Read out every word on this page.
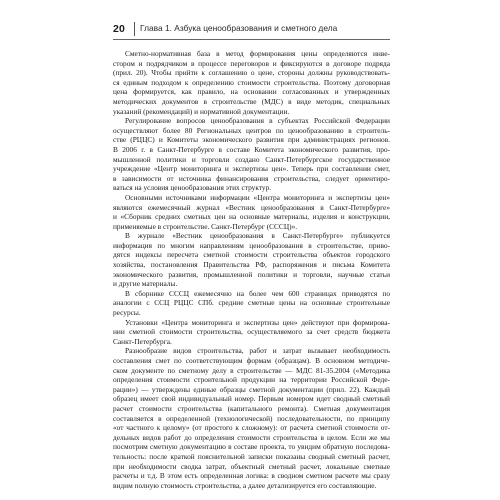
20 Глава 1. Азбука ценообразования и сметного дела
Сметно-нормативная база в метод формирования цены определяются инве-
стором и подрядчиком в процессе переговоров и фиксируются в договоре подряда
(прил. 20). Чтобы прийти к соглашению о цене, стороны должны руководствовать-
ся единым подходом к определению стоимости строительства. Поэтому договорная
цена формируется, как правило, на основании согласованных и утвержденных
методических документов в строительстве (МДС) в виде методик, специальных
указаний (рекомендаций) и нормативной документации.
Регулирование вопросов ценообразования в субъектах Российской Федерации
осуществляют более 80 Региональных центров по ценообразованию в строитель-
стве (РЦЦС) и Комитеты экономического развития при администрациях регионов.
В 2006 г. в Санкт-Петербурге в составе Комитета экономического развития, про-
мышленной политики и торговли создано Санкт-Петербургское государственное
учреждение «Центр мониторинга и экспертизы цен». Теперь при составлении смет,
в зависимости от источника финансирования строительства, следует ориентиро-
ваться на условия ценообразования этих структур.
Основными источниками информации «Центра мониторинга и экспертизы цен»
являются ежемесячный журнал «Вестник ценообразования в Санкт-Петербурге»
и «Сборник средних сметных цен на основные материалы, изделия и конструкции,
применяемые в строительстве. Санкт-Петербург (СССЦ)».
В журнале «Вестник ценообразования в Санкт-Петербурге» публикуется
информация по многим направлениям ценообразования в строительстве, приво-
дятся индексы пересчета сметной стоимости строительства объектов городского
хозяйства, постановления Правительства РФ, распоряжения и письма Комитета
экономического развития, промышленной политики и торговли, научные статьи
и другие материалы.
В сборнике СССЦ ежемесячно на более чем 600 страницах приводятся по
аналогии с ССЦ РЦЦС СПб. средние сметные цены на основные строительные
ресурсы.
Установки «Центра мониторинга и экспертизы цен» действуют при формирова-
нии сметной стоимости строительства, осуществляемого за счет средств бюджета
Санкт-Петербурга.
Разнообразие видов строительства, работ и затрат вызывает необходимость
составления смет по соответствующим формам (образцам). В основном методиче-
ском документе по сметному делу в строительстве — МДС 81-35.2004 («Методика
определения стоимости строительной продукции на территории Российской Феде-
рации») — утверждены единые образцы сметной документации (прил. 22). Каждый
образец имеет свой индивидуальный номер. Первым номером идет сводный сметный
расчет стоимости строительства (капитального ремонта). Сметная документация
составляется в определенной (технологической) последовательности, по принципу
«от частного к целому» (от простого к сложному): от расчета сметной стоимости от-
дельных видов работ до определения стоимости строительства в целом. Если же мы
посмотрим сметную документацию в составе проекта, то увидим обратную последова-
тельность: после краткой пояснительной записки показаны сводный сметный расчет,
при необходимости сводка затрат, объектный сметный расчет, локальные сметные
расчеты и т.д. В этом есть определенная логика: в сводном сметном расчете мы сразу
видим полную стоимость строительства, а далее детализируется его составляющие.
